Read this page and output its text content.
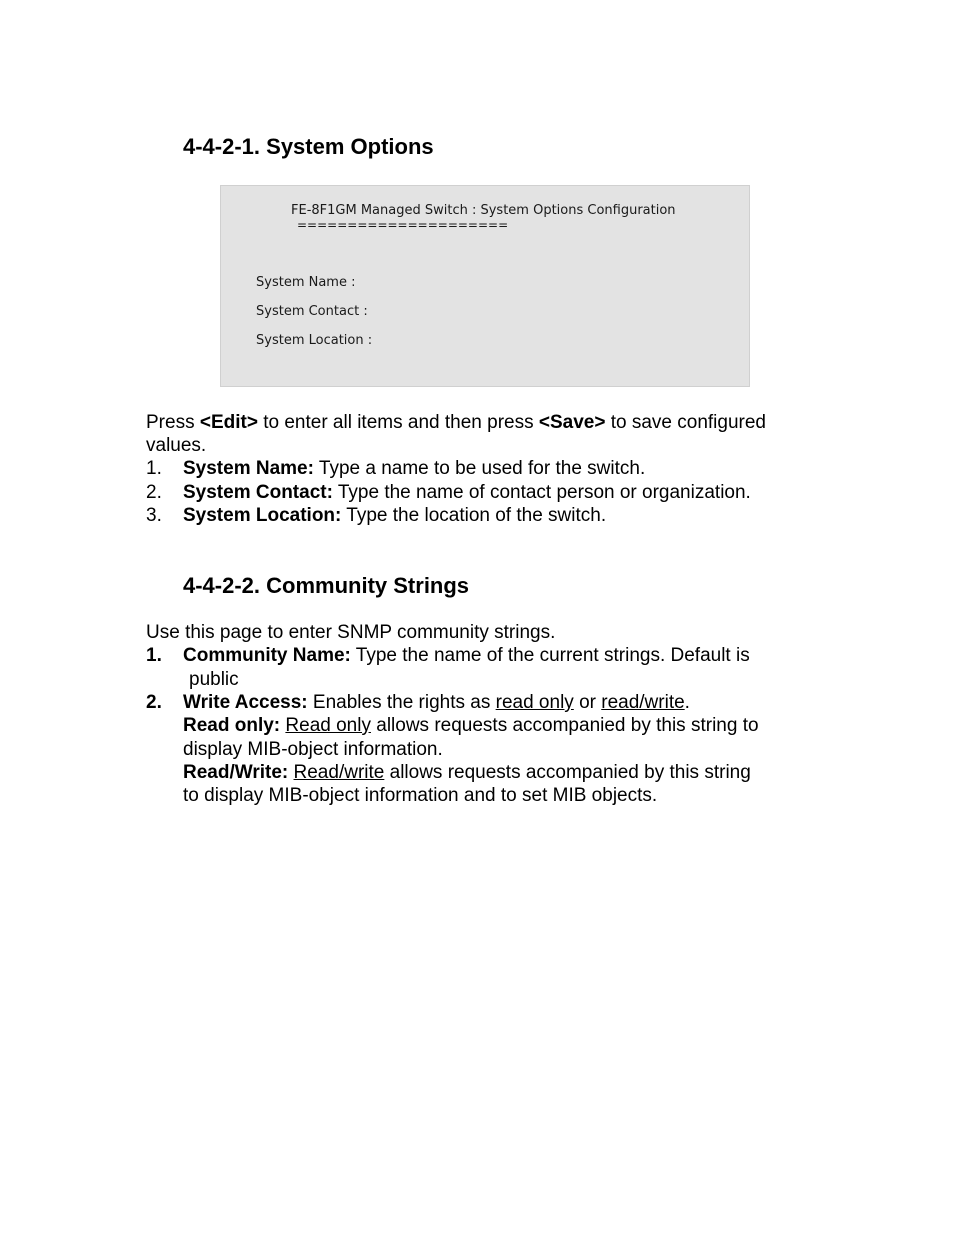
4-4-2-1. System Options
FE-8F1GM Managed Switch : System Options Configuration
=====================
System Name :
System Contact :
System Location :
Press <Edit> to enter all items and then press <Save> to save configured
values.
1. System Name: Type a name to be used for the switch.
2. System Contact: Type the name of contact person or organization.
3. System Location: Type the location of the switch.
4-4-2-2. Community Strings
Use this page to enter SNMP community strings.
1. Community Name: Type the name of the current strings. Default is
public
2. Write Access: Enables the rights as read only or read/write.
Read only: Read only allows requests accompanied by this string to
display MIB-object information.
Read/Write: Read/write allows requests accompanied by this string
to display MIB-object information and to set MIB objects.
